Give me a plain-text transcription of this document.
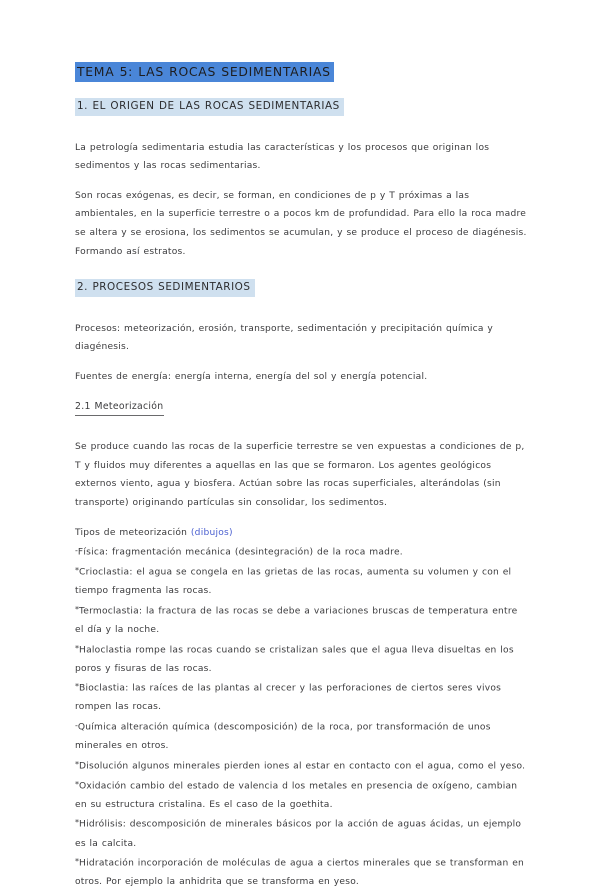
TEMA 5: LAS ROCAS SEDIMENTARIAS
1. EL ORIGEN DE LAS ROCAS SEDIMENTARIAS

La petrología sedimentaria estudia las características y los procesos que originan los sedimentos y las rocas sedimentarias.

Son rocas exógenas, es decir, se forman, en condiciones de p y T próximas a las ambientales, en la superficie terrestre o a pocos km de profundidad. Para ello la roca madre se altera y se erosiona, los sedimentos se acumulan, y se produce el proceso de diagénesis. Formando así estratos.

2. PROCESOS SEDIMENTARIOS

Procesos: meteorización, erosión, transporte, sedimentación y precipitación química y diagénesis.

Fuentes de energía: energía interna, energía del sol y energía potencial.

2.1 Meteorización

Se produce cuando las rocas de la superficie terrestre se ven expuestas a condiciones de p, T y fluidos muy diferentes a aquellas en las que se formaron. Los agentes geológicos externos viento, agua y biosfera. Actúan sobre las rocas superficiales, alterándolas (sin transporte) originando partículas sin consolidar, los sedimentos.

Tipos de meteorización (dibujos)

-Física: fragmentación mecánica (desintegración) de la roca madre.
*Crioclastia: el agua se congela en las grietas de las rocas, aumenta su volumen y con el tiempo fragmenta las rocas.
*Termoclastia: la fractura de las rocas se debe a variaciones bruscas de temperatura entre el día y la noche.
*Haloclastia rompe las rocas cuando se cristalizan sales que el agua lleva disueltas en los poros y fisuras de las rocas.
*Bioclastia: las raíces de las plantas al crecer y las perforaciones de ciertos seres vivos rompen las rocas.
-Química alteración química (descomposición) de la roca, por transformación de unos minerales en otros.
*Disolución algunos minerales pierden iones al estar en contacto con el agua, como el yeso.
*Oxidación cambio del estado de valencia d los metales en presencia de oxígeno, cambian en su estructura cristalina. Es el caso de la goethita.
*Hidrólisis: descomposición de minerales básicos por la acción de aguas ácidas, un ejemplo es la calcita.
*Hidratación incorporación de moléculas de agua a ciertos minerales que se transforman en otros. Por ejemplo la anhidrita que se transforma en yeso.
